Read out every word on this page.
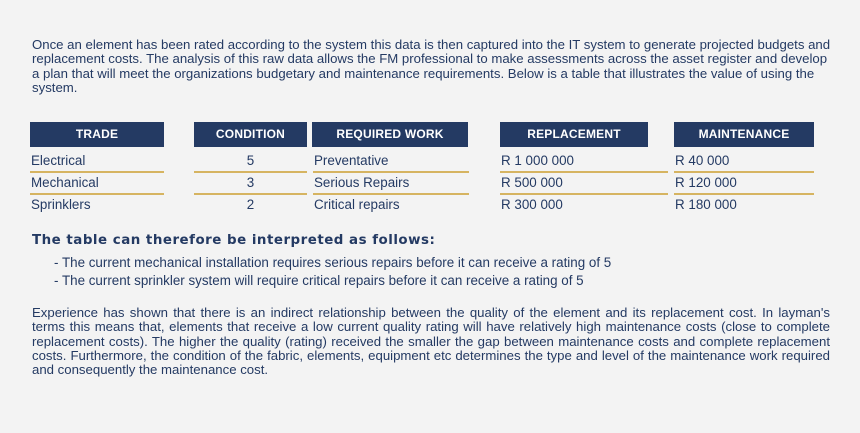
Once an element has been rated according to the system this data is then captured into the IT system to generate projected budgets and replacement costs. The analysis of this raw data allows the FM professional to make assessments across the asset register and develop a plan that will meet the organizations budgetary and maintenance requirements. Below is a table that illustrates the value of using the system.

TRADE
Electrical
Mechanical
Sprinklers
CONDITION
5
3
2
REQUIRED WORK
Preventative
Serious Repairs
Critical repairs
REPLACEMENT
R 1 000 000
R 500 000
R 300 000
MAINTENANCE
R 40 000
R 120 000
R 180 000

The table can therefore be interpreted as follows:

- The current mechanical installation requires serious repairs before it can receive a rating of 5
- The current sprinkler system will require critical repairs before it can receive a rating of 5

Experience has shown that there is an indirect relationship between the quality of the element and its replacement cost. In layman's terms this means that, elements that receive a low current quality rating will have relatively high maintenance costs (close to complete replacement costs). The higher the quality (rating) received the smaller the gap between maintenance costs and complete replacement costs. Furthermore, the condition of the fabric, elements, equipment etc determines the type and level of the maintenance work required and consequently the maintenance cost.
